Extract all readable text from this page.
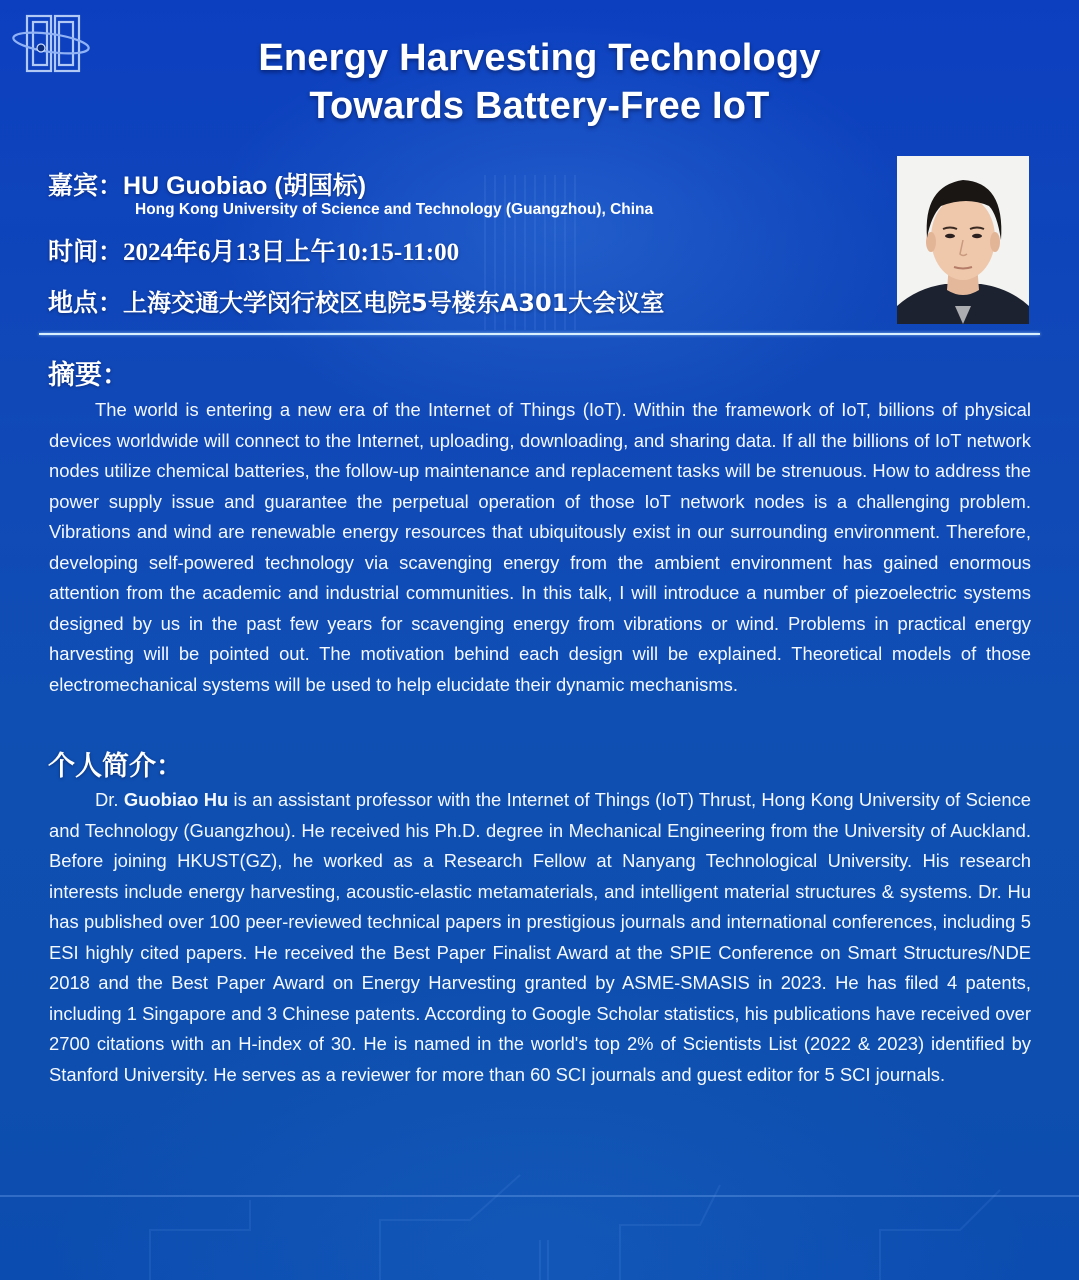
Energy Harvesting Technology
Towards Battery-Free IoT
嘉宾：HU Guobiao (胡国标)
Hong Kong University of Science and Technology (Guangzhou), China
时间：2024年6月13日上午10:15-11:00
地点：上海交通大学闵行校区电院5号楼东A301大会议室
摘要：
The world is entering a new era of the Internet of Things (IoT). Within the framework of IoT, billions of physical devices worldwide will connect to the Internet, uploading, downloading, and sharing data. If all the billions of IoT network nodes utilize chemical batteries, the follow-up maintenance and replacement tasks will be strenuous. How to address the power supply issue and guarantee the perpetual operation of those IoT network nodes is a challenging problem. Vibrations and wind are renewable energy resources that ubiquitously exist in our surrounding environment. Therefore, developing self-powered technology via scavenging energy from the ambient environment has gained enormous attention from the academic and industrial communities. In this talk, I will introduce a number of piezoelectric systems designed by us in the past few years for scavenging energy from vibrations or wind. Problems in practical energy harvesting will be pointed out. The motivation behind each design will be explained. Theoretical models of those electromechanical systems will be used to help elucidate their dynamic mechanisms.
个人简介：
Dr. Guobiao Hu is an assistant professor with the Internet of Things (IoT) Thrust, Hong Kong University of Science and Technology (Guangzhou). He received his Ph.D. degree in Mechanical Engineering from the University of Auckland. Before joining HKUST(GZ), he worked as a Research Fellow at Nanyang Technological University. His research interests include energy harvesting, acoustic-elastic metamaterials, and intelligent material structures & systems. Dr. Hu has published over 100 peer-reviewed technical papers in prestigious journals and international conferences, including 5 ESI highly cited papers. He received the Best Paper Finalist Award at the SPIE Conference on Smart Structures/NDE 2018 and the Best Paper Award on Energy Harvesting granted by ASME-SMASIS in 2023. He has filed 4 patents, including 1 Singapore and 3 Chinese patents. According to Google Scholar statistics, his publications have received over 2700 citations with an H-index of 30. He is named in the world's top 2% of Scientists List (2022 & 2023) identified by Stanford University. He serves as a reviewer for more than 60 SCI journals and guest editor for 5 SCI journals.
